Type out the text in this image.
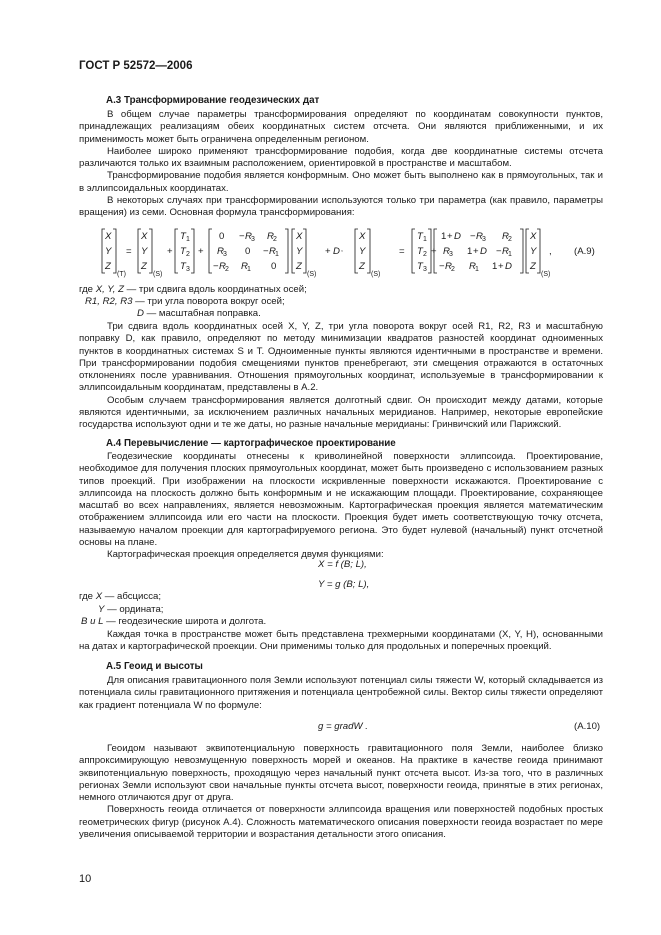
ГОСТ Р 52572—2006
А.3 Трансформирование геодезических дат

В общем случае параметры трансформирования определяют по координатам совокупности пунктов, принадлежащих реализациям обеих координатных систем отсчета. Они являются приближенными, и их применимость может быть ограничена определенным регионом.

Наиболее широко применяют трансформирование подобия, когда две координатные системы отсчета различаются только их взаимным расположением, ориентировкой в пространстве и масштабом.

Трансформирование подобия является конформным. Оно может быть выполнено как в прямоугольных, так и в эллипсоидальных координатах.

В некоторых случаях при трансформировании используются только три параметра (как правило, параметры вращения) из семи. Основная формула трансформирования:

X
Y
Z
(T)
=
X
Y
Z
(S)
+
T 1
T 2
T 3
+
0 − R 3 R 2
R 3 0 − R 1
− R 2 R 1 0
X
Y
Z
(S)
+ D ,
X
Y
Z
(S)
=
T 1
T 2
T 3
+
1 + D − R 3 R 2
R 3 1 + D − R 1
− R 2 R 1 1 + D
X
Y
Z
(S)
, (А.9)
где X, Y, Z — три сдвига вдоль координатных осей;
R1, R2, R3 — три угла поворота вокруг осей;
D — масштабная поправка.

Три сдвига вдоль координатных осей X, Y, Z, три угла поворота вокруг осей R1, R2, R3 и масштабную поправку D, как правило, определяют по методу минимизации квадратов разностей координат одноименных пунктов в координатных системах S и T. Одноименные пункты являются идентичными в пространстве и времени. При трансформировании подобия смещениями пунктов пренебрегают, эти смещения отражаются в остаточных отклонениях после уравнивания. Отношения прямоугольных координат, используемые в трансформировании к эллипсоидальным координатам, представлены в А.2.

Особым случаем трансформирования является долготный сдвиг. Он происходит между датами, которые являются идентичными, за исключением различных начальных меридианов. Например, некоторые европейские государства используют одни и те же даты, но разные начальные меридианы: Гринвичский или Парижский.

А.4 Перевычисление — картографическое проектирование

Геодезические координаты отнесены к криволинейной поверхности эллипсоида. Проектирование, необходимое для получения плоских прямоугольных координат, может быть произведено с использованием разных типов проекций. При изображении на плоскости искривленные поверхности искажаются. Проектирование с эллипсоида на плоскость должно быть конформным и не искажающим площади. Проектирование, сохраняющее масштаб во всех направлениях, является невозможным. Картографическая проекция является математическим отображением эллипсоида или его части на плоскости. Проекция будет иметь соответствующую точку отсчета, называемую началом проекции для картографируемого региона. Это будет нулевой (начальный) пункт отсчетной основы на плане.

Картографическая проекция определяется двумя функциями:

X = f (B; L),
Y = g (B; L),
где X — абсцисса;
Y — ордината;
B и L — геодезические широта и долгота.

Каждая точка в пространстве может быть представлена трехмерными координатами (X, Y, H), основанными на датах и картографической проекции. Они применимы только для продольных и поперечных проекций.

А.5 Геоид и высоты

Для описания гравитационного поля Земли используют потенциал силы тяжести W, который складывается из потенциала силы гравитационного притяжения и потенциала центробежной силы. Вектор силы тяжести определяют как градиент потенциала W по формуле:

g = gradW .	(А.10)

Геоидом называют эквипотенциальную поверхность гравитационного поля Земли, наиболее близко аппроксимирующую невозмущенную поверхность морей и океанов. На практике в качестве геоида принимают эквипотенциальную поверхность, проходящую через начальный пункт отсчета высот. Из-за того, что в различных регионах Земли используют свои начальные пункты отсчета высот, поверхности геоида, принятые в этих регионах, немного отличаются друг от друга.

Поверхность геоида отличается от поверхности эллипсоида вращения или поверхностей подобных простых геометрических фигур (рисунок А.4). Сложность математического описания поверхности геоида возрастает по мере увеличения описываемой территории и возрастания детальности этого описания.

10
